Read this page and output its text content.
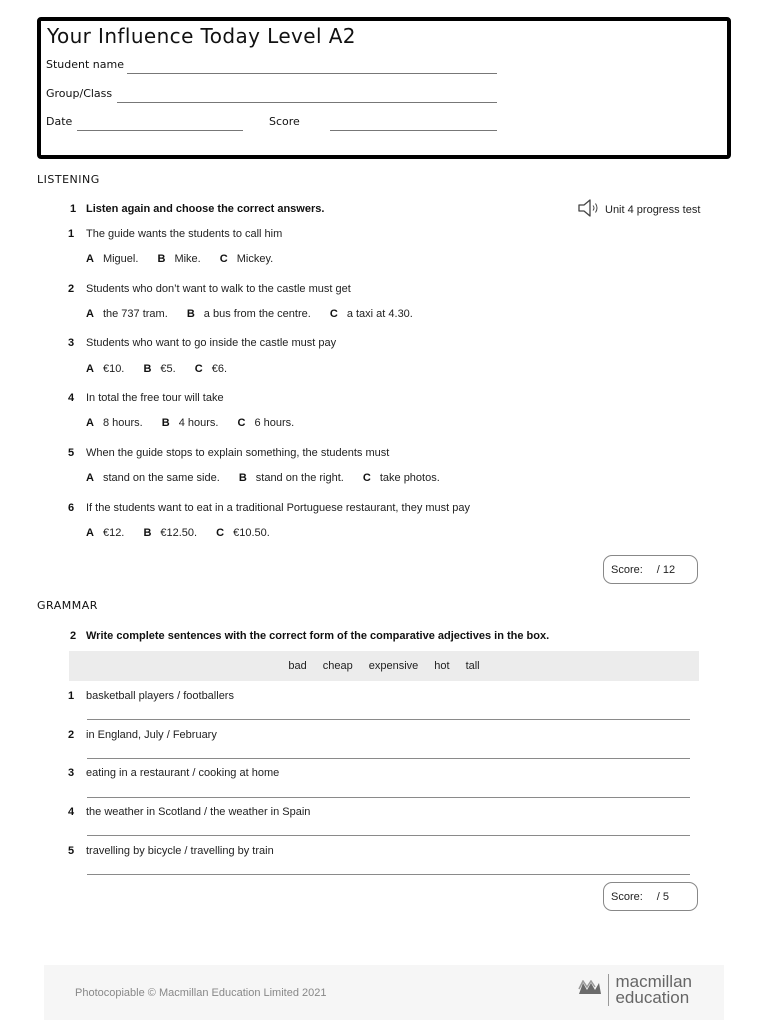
Your Influence Today Level A2
Student name
Group/Class
Date	Score
LISTENING
1 Listen again and choose the correct answers.	Unit 4 progress test
1 The guide wants the students to call him
A Miguel. B Mike. C Mickey.
2 Students who don’t want to walk to the castle must get
A the 737 tram. B a bus from the centre. C a taxi at 4.30.
3 Students who want to go inside the castle must pay
A €10. B €5. C €6.
4 In total the free tour will take
A 8 hours. B 4 hours. C 6 hours.
5 When the guide stops to explain something, the students must
A stand on the same side. B stand on the right. C take photos.
6 If the students want to eat in a traditional Portuguese restaurant, they must pay
A €12. B €12.50. C €10.50.
Score: / 12
GRAMMAR
2 Write complete sentences with the correct form of the comparative adjectives in the box.
bad cheap expensive hot tall
1 basketball players / footballers
2 in England, July / February
3 eating in a restaurant / cooking at home
4 the weather in Scotland / the weather in Spain
5 travelling by bicycle / travelling by train
Score: / 5
Photocopiable © Macmillan Education Limited 2021
macmillan
education
